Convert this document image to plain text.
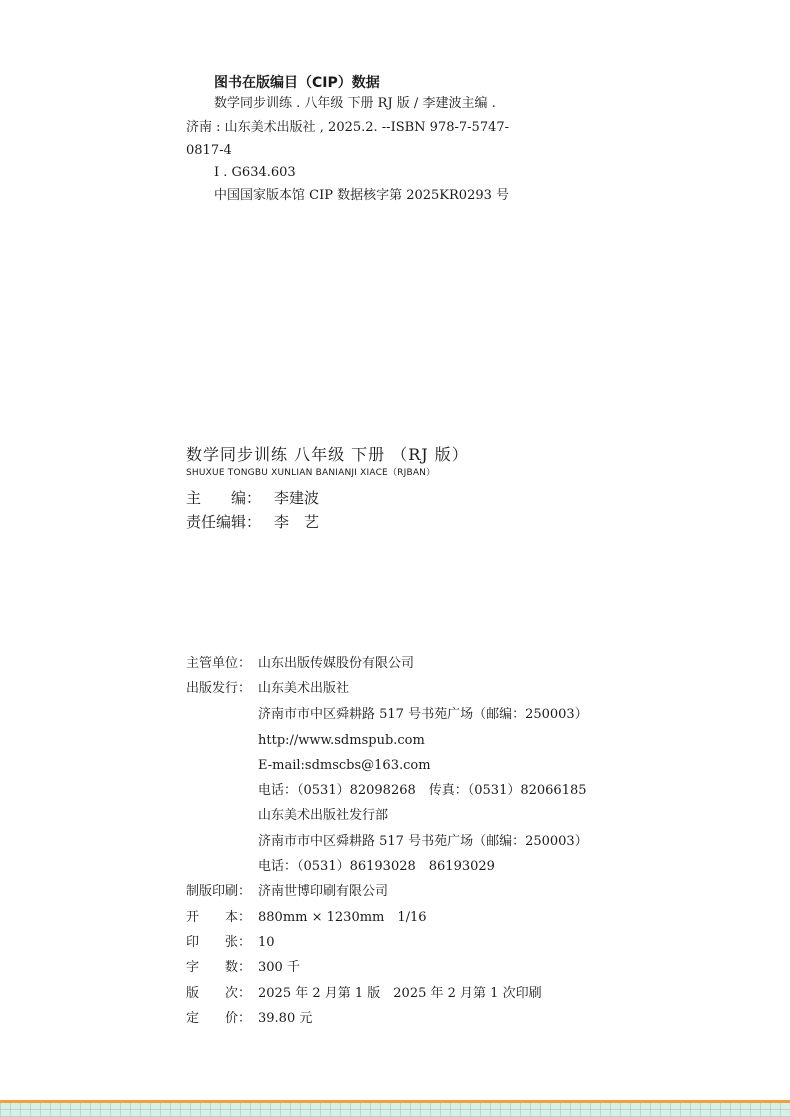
图书在版编目（CIP）数据
数学同步训练 . 八年级 下册 RJ 版 / 李建波主编 .
济南 : 山东美术出版社 , 2025.2. --ISBN 978-7-5747-
0817-4
Ⅰ . G634.603
中国国家版本馆 CIP 数据核字第 2025KR0293 号
数学同步训练 八年级 下册 （RJ 版）
SHUXUE TONGBU XUNLIAN BANIANJI XIACE（RJBAN）
主　　编： 李建波
责任编辑： 李　艺
主管单位： 山东出版传媒股份有限公司
出版发行： 山东美术出版社
济南市市中区舜耕路 517 号书苑广场（邮编：250003）
http://www.sdmspub.com
E-mail:sdmscbs@163.com
电话：（0531）82098268　传真：（0531）82066185
山东美术出版社发行部
济南市市中区舜耕路 517 号书苑广场（邮编：250003）
电话：（0531）86193028　86193029
制版印刷： 济南世博印刷有限公司
开　　本： 880mm × 1230mm　1/16
印　　张： 10
字　　数： 300 千
版　　次： 2025 年 2 月第 1 版　2025 年 2 月第 1 次印刷
定　　价： 39.80 元
